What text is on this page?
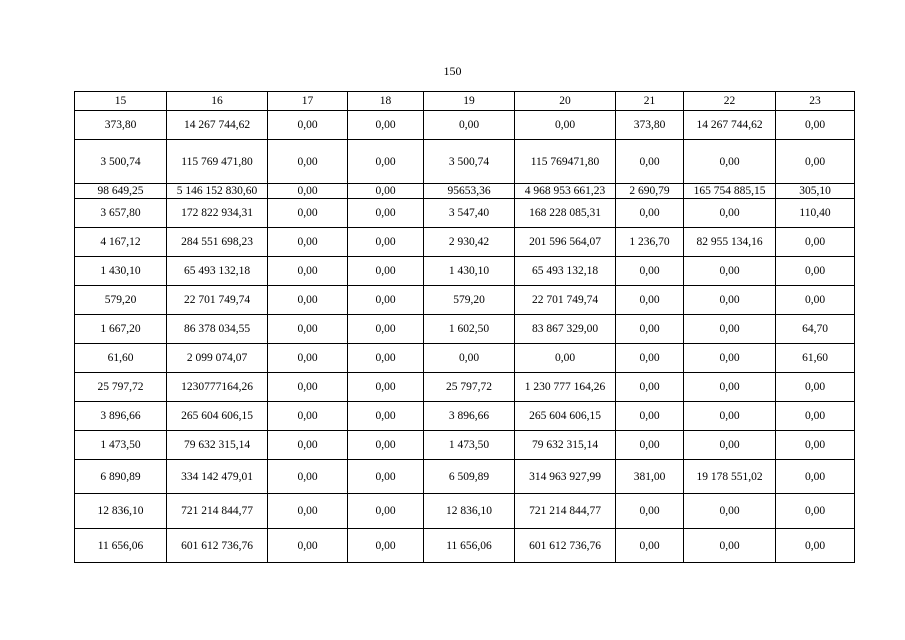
150
15	16	17	18	19	20	21	22	23
373,80	14 267 744,62	0,00	0,00	0,00	0,00	373,80	14 267 744,62	0,00
3 500,74	115 769 471,80	0,00	0,00	3 500,74	115 769471,80	0,00	0,00	0,00
98 649,25	5 146 152 830,60	0,00	0,00	95653,36	4 968 953 661,23	2 690,79	165 754 885,15	305,10
3 657,80	172 822 934,31	0,00	0,00	3 547,40	168 228 085,31	0,00	0,00	110,40
4 167,12	284 551 698,23	0,00	0,00	2 930,42	201 596 564,07	1 236,70	82 955 134,16	0,00
1 430,10	65 493 132,18	0,00	0,00	1 430,10	65 493 132,18	0,00	0,00	0,00
579,20	22 701 749,74	0,00	0,00	579,20	22 701 749,74	0,00	0,00	0,00
1 667,20	86 378 034,55	0,00	0,00	1 602,50	83 867 329,00	0,00	0,00	64,70
61,60	2 099 074,07	0,00	0,00	0,00	0,00	0,00	0,00	61,60
25 797,72	1230777164,26	0,00	0,00	25 797,72	1 230 777 164,26	0,00	0,00	0,00
3 896,66	265 604 606,15	0,00	0,00	3 896,66	265 604 606,15	0,00	0,00	0,00
1 473,50	79 632 315,14	0,00	0,00	1 473,50	79 632 315,14	0,00	0,00	0,00
6 890,89	334 142 479,01	0,00	0,00	6 509,89	314 963 927,99	381,00	19 178 551,02	0,00
12 836,10	721 214 844,77	0,00	0,00	12 836,10	721 214 844,77	0,00	0,00	0,00
11 656,06	601 612 736,76	0,00	0,00	11 656,06	601 612 736,76	0,00	0,00	0,00
